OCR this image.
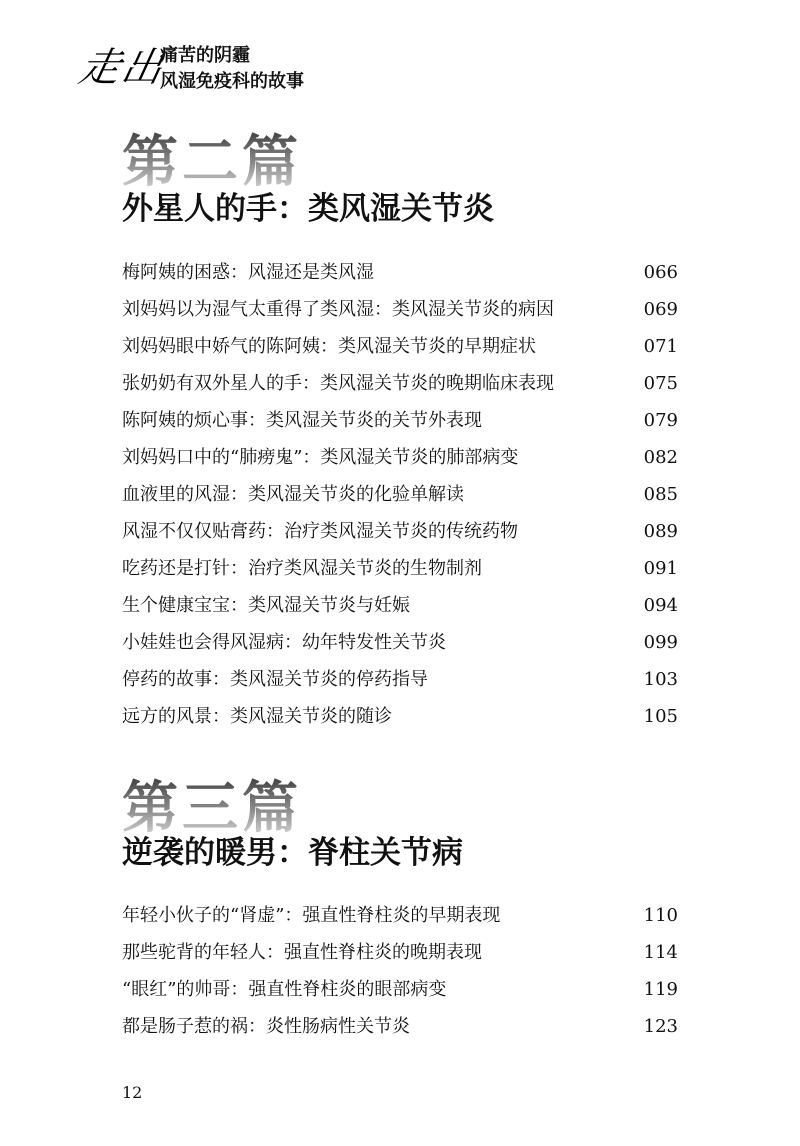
走出
痛苦的阴霾
风湿免疫科的故事
第二篇
外星人的手：类风湿关节炎
梅阿姨的困惑：风湿还是类风湿	066
刘妈妈以为湿气太重得了类风湿：类风湿关节炎的病因	069
刘妈妈眼中娇气的陈阿姨：类风湿关节炎的早期症状	071
张奶奶有双外星人的手：类风湿关节炎的晚期临床表现	075
陈阿姨的烦心事：类风湿关节炎的关节外表现	079
刘妈妈口中的“肺痨鬼”：类风湿关节炎的肺部病变	082
血液里的风湿：类风湿关节炎的化验单解读	085
风湿不仅仅贴膏药：治疗类风湿关节炎的传统药物	089
吃药还是打针：治疗类风湿关节炎的生物制剂	091
生个健康宝宝：类风湿关节炎与妊娠	094
小娃娃也会得风湿病：幼年特发性关节炎	099
停药的故事：类风湿关节炎的停药指导	103
远方的风景：类风湿关节炎的随诊	105
第三篇
逆袭的暖男：脊柱关节病
年轻小伙子的“肾虚”：强直性脊柱炎的早期表现	110
那些驼背的年轻人：强直性脊柱炎的晚期表现	114
“眼红”的帅哥：强直性脊柱炎的眼部病变	119
都是肠子惹的祸：炎性肠病性关节炎	123
12
